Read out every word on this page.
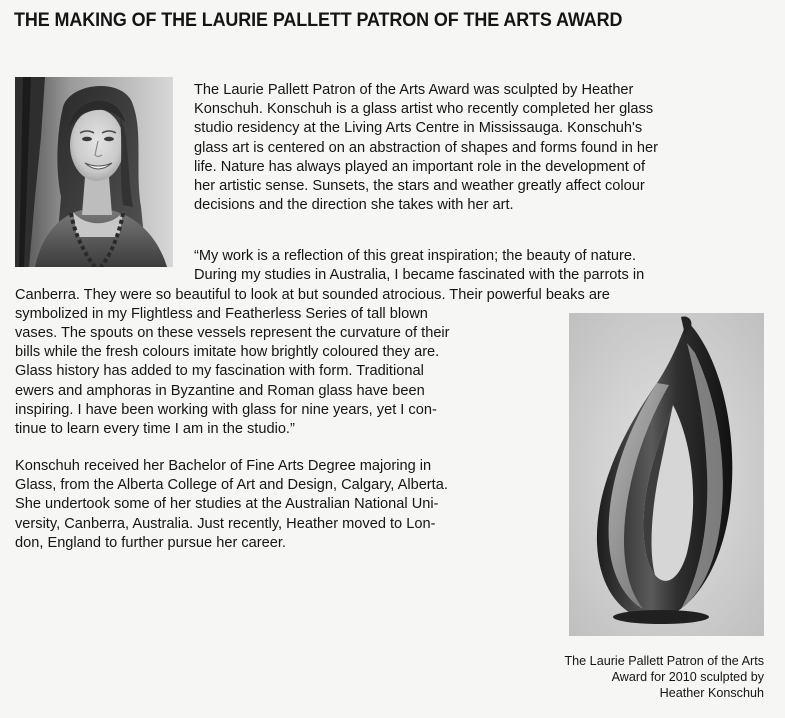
THE MAKING OF THE LAURIE PALLETT PATRON OF THE ARTS AWARD

The Laurie Pallett Patron of the Arts Award was sculpted by Heather
Konschuh. Konschuh is a glass artist who recently completed her glass
studio residency at the Living Arts Centre in Mississauga. Konschuh's
glass art is centered on an abstraction of shapes and forms found in her
life. Nature has always played an important role in the development of
her artistic sense. Sunsets, the stars and weather greatly affect colour
decisions and the direction she takes with her art.

“My work is a reflection of this great inspiration; the beauty of nature.
During my studies in Australia, I became fascinated with the parrots in

Canberra. They were so beautiful to look at but sounded atrocious. Their powerful beaks are
symbolized in my Flightless and Featherless Series of tall blown

vases. The spouts on these vessels represent the curvature of their
bills while the fresh colours imitate how brightly coloured they are.
Glass history has added to my fascination with form. Traditional
ewers and amphoras in Byzantine and Roman glass have been
inspiring. I have been working with glass for nine years, yet I con-
tinue to learn every time I am in the studio.”

Konschuh received her Bachelor of Fine Arts Degree majoring in
Glass, from the Alberta College of Art and Design, Calgary, Alberta.
She undertook some of her studies at the Australian National Uni-
versity, Canberra, Australia. Just recently, Heather moved to Lon-
don, England to further pursue her career.

The Laurie Pallett Patron of the Arts
Award for 2010 sculpted by
Heather Konschuh
